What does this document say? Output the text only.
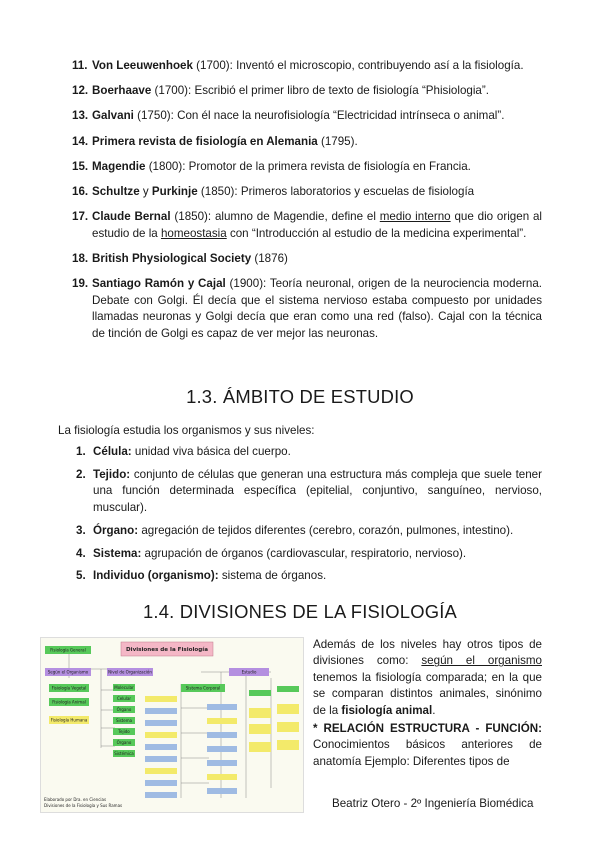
11. Von Leeuwenhoek (1700): Inventó el microscopio, contribuyendo así a la fisiología.
12. Boerhaave (1700): Escribió el primer libro de texto de fisiología “Phisiologia”.
13. Galvani (1750): Con él nace la neurofisiología “Electricidad intrínseca o animal”.
14. Primera revista de fisiología en Alemania (1795).
15. Magendie (1800): Promotor de la primera revista de fisiología en Francia.
16. Schultze y Purkinje (1850): Primeros laboratorios y escuelas de fisiología
17. Claude Bernal (1850): alumno de Magendie, define el medio interno que dio origen al estudio de la homeostasia con “Introducción al estudio de la medicina experimental”.
18. British Physiological Society (1876)
19. Santiago Ramón y Cajal (1900): Teoría neuronal, origen de la neurociencia moderna. Debate con Golgi. Él decía que el sistema nervioso estaba compuesto por unidades llamadas neuronas y Golgi decía que eran como una red (falso). Cajal con la técnica de tinción de Golgi es capaz de ver mejor las neuronas.
1.3. ÁMBITO DE ESTUDIO

La fisiología estudia los organismos y sus niveles:

1. Célula: unidad viva básica del cuerpo.
2. Tejido: conjunto de células que generan una estructura más compleja que suele tener una función determinada específica (epitelial, conjuntivo, sanguíneo, nervioso, muscular).
3. Órgano: agregación de tejidos diferentes (cerebro, corazón, pulmones, intestino).
4. Sistema: agrupación de órganos (cardiovascular, respiratorio, nervioso).
5. Individuo (organismo): sistema de órganos.
1.4. DIVISIONES DE LA FISIOLOGÍA
Divisiones de la Fisiología
Fisiología General
Según el Organismo	Nivel de Organización
Fisiología Vegetal
Fisiología Animal
Fisiología Humana
Molecular
Celular
Órgano
Sistema
Tejido
Órgano
Sistémica
Estudio
Sistema Corporal
Elaborado por Dra. en Ciencias
Divisiones de la Fisiología y Sus Ramas

Además de los niveles hay otros tipos de divisiones como: según el organismo tenemos la fisiología comparada; en la que se comparan distintos animales, sinónimo de la fisiología animal.

* RELACIÓN ESTRUCTURA - FUNCIÓN: Conocimientos básicos anteriores de anatomía Ejemplo: Diferentes tipos de

Beatriz Otero - 2º Ingeniería Biomédica
